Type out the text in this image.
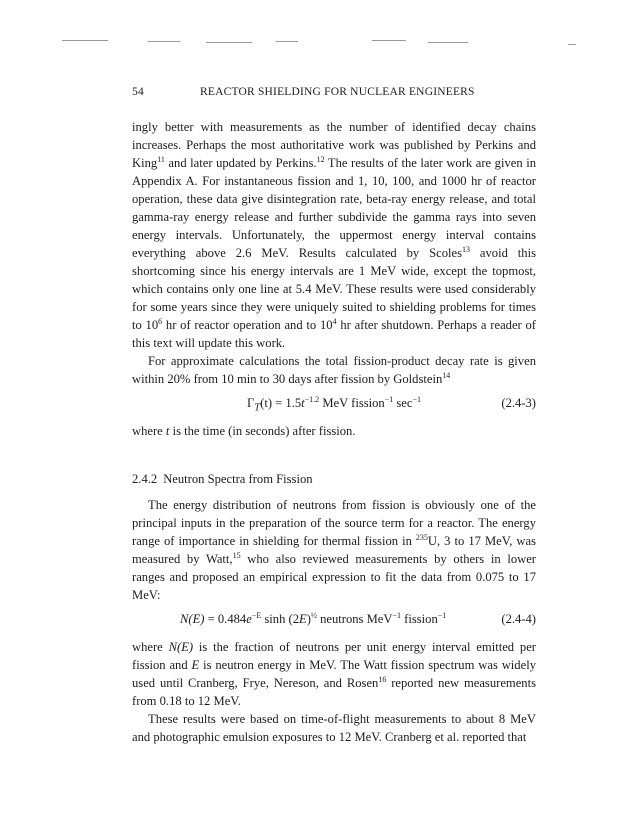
54	REACTOR SHIELDING FOR NUCLEAR ENGINEERS

ingly better with measurements as the number of identified decay chains increases. Perhaps the most authoritative work was published by Perkins and King$^{11}$ and later updated by Perkins.$^{12}$ The results of the later work are given in Appendix A. For instantaneous fission and 1, 10, 100, and 1000 hr of reactor operation, these data give disintegration rate, beta-ray energy release, and total gamma-ray energy release and further subdivide the gamma rays into seven energy intervals. Unfortunately, the uppermost energy interval contains everything above 2.6 MeV. Results calculated by Scoles$^{13}$ avoid this shortcoming since his energy intervals are 1 MeV wide, except the topmost, which contains only one line at 5.4 MeV. These results were used considerably for some years since they were uniquely suited to shielding problems for times to $10^6$ hr of reactor operation and to $10^4$ hr after shutdown. Perhaps a reader of this text will update this work.

For approximate calculations the total fission-product decay rate is given within 20% from 10 min to 30 days after fission by Goldstein$^{14}$

$\Gamma_T(t) = 1.5t^{-1.2}$ MeV fission$^{-1}$ $\sec^{-1}$	(2.4-3)

where t is the time (in seconds) after fission.

2.4.2 Neutron Spectra from Fission

The energy distribution of neutrons from fission is obviously one of the principal inputs in the preparation of the source term for a reactor. The energy range of importance in shielding for thermal fission in $^{235}$U, 3 to 17 MeV, was measured by Watt,$^{15}$ who also reviewed measurements by others in lower ranges and proposed an empirical expression to fit the data from 0.075 to 17 MeV:

$N(E) = 0.484e^{-E}$ $\sinh (2E)^{\frac{1}{2}}$ neutrons MeV$^{-1}$ fission$^{-1}$	(2.4-4)

where N(E) is the fraction of neutrons per unit energy interval emitted per fission and E is neutron energy in MeV. The Watt fission spectrum was widely used until Cranberg, Frye, Nereson, and Rosen$^{16}$ reported new measurements from 0.18 to 12 MeV.

These results were based on time-of-flight measurements to about 8 MeV and photographic emulsion exposures to 12 MeV. Cranberg et al. reported that
